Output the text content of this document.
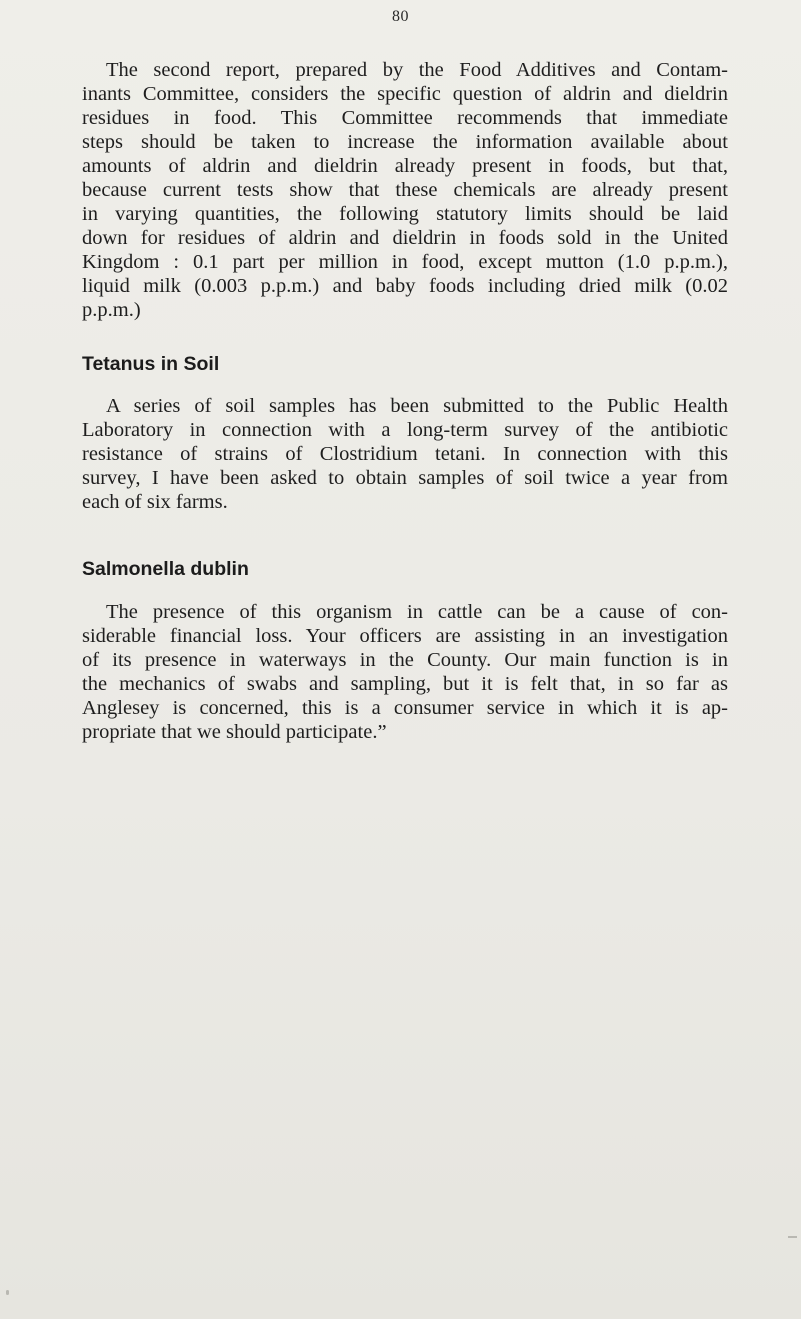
80
The second report, prepared by the Food Additives and Contam-
inants Committee, considers the specific question of aldrin and dieldrin
residues in food. This Committee recommends that immediate
steps should be taken to increase the information available about
amounts of aldrin and dieldrin already present in foods, but that,
because current tests show that these chemicals are already present
in varying quantities, the following statutory limits should be laid
down for residues of aldrin and dieldrin in foods sold in the United
Kingdom : 0.1 part per million in food, except mutton (1.0 p.p.m.),
liquid milk (0.003 p.p.m.) and baby foods including dried milk (0.02
p.p.m.)
Tetanus in Soil
A series of soil samples has been submitted to the Public Health
Laboratory in connection with a long-term survey of the antibiotic
resistance of strains of Clostridium tetani. In connection with this
survey, I have been asked to obtain samples of soil twice a year from
each of six farms.
Salmonella dublin
The presence of this organism in cattle can be a cause of con-
siderable financial loss. Your officers are assisting in an investigation
of its presence in waterways in the County. Our main function is in
the mechanics of swabs and sampling, but it is felt that, in so far as
Anglesey is concerned, this is a consumer service in which it is ap-
propriate that we should participate.”
